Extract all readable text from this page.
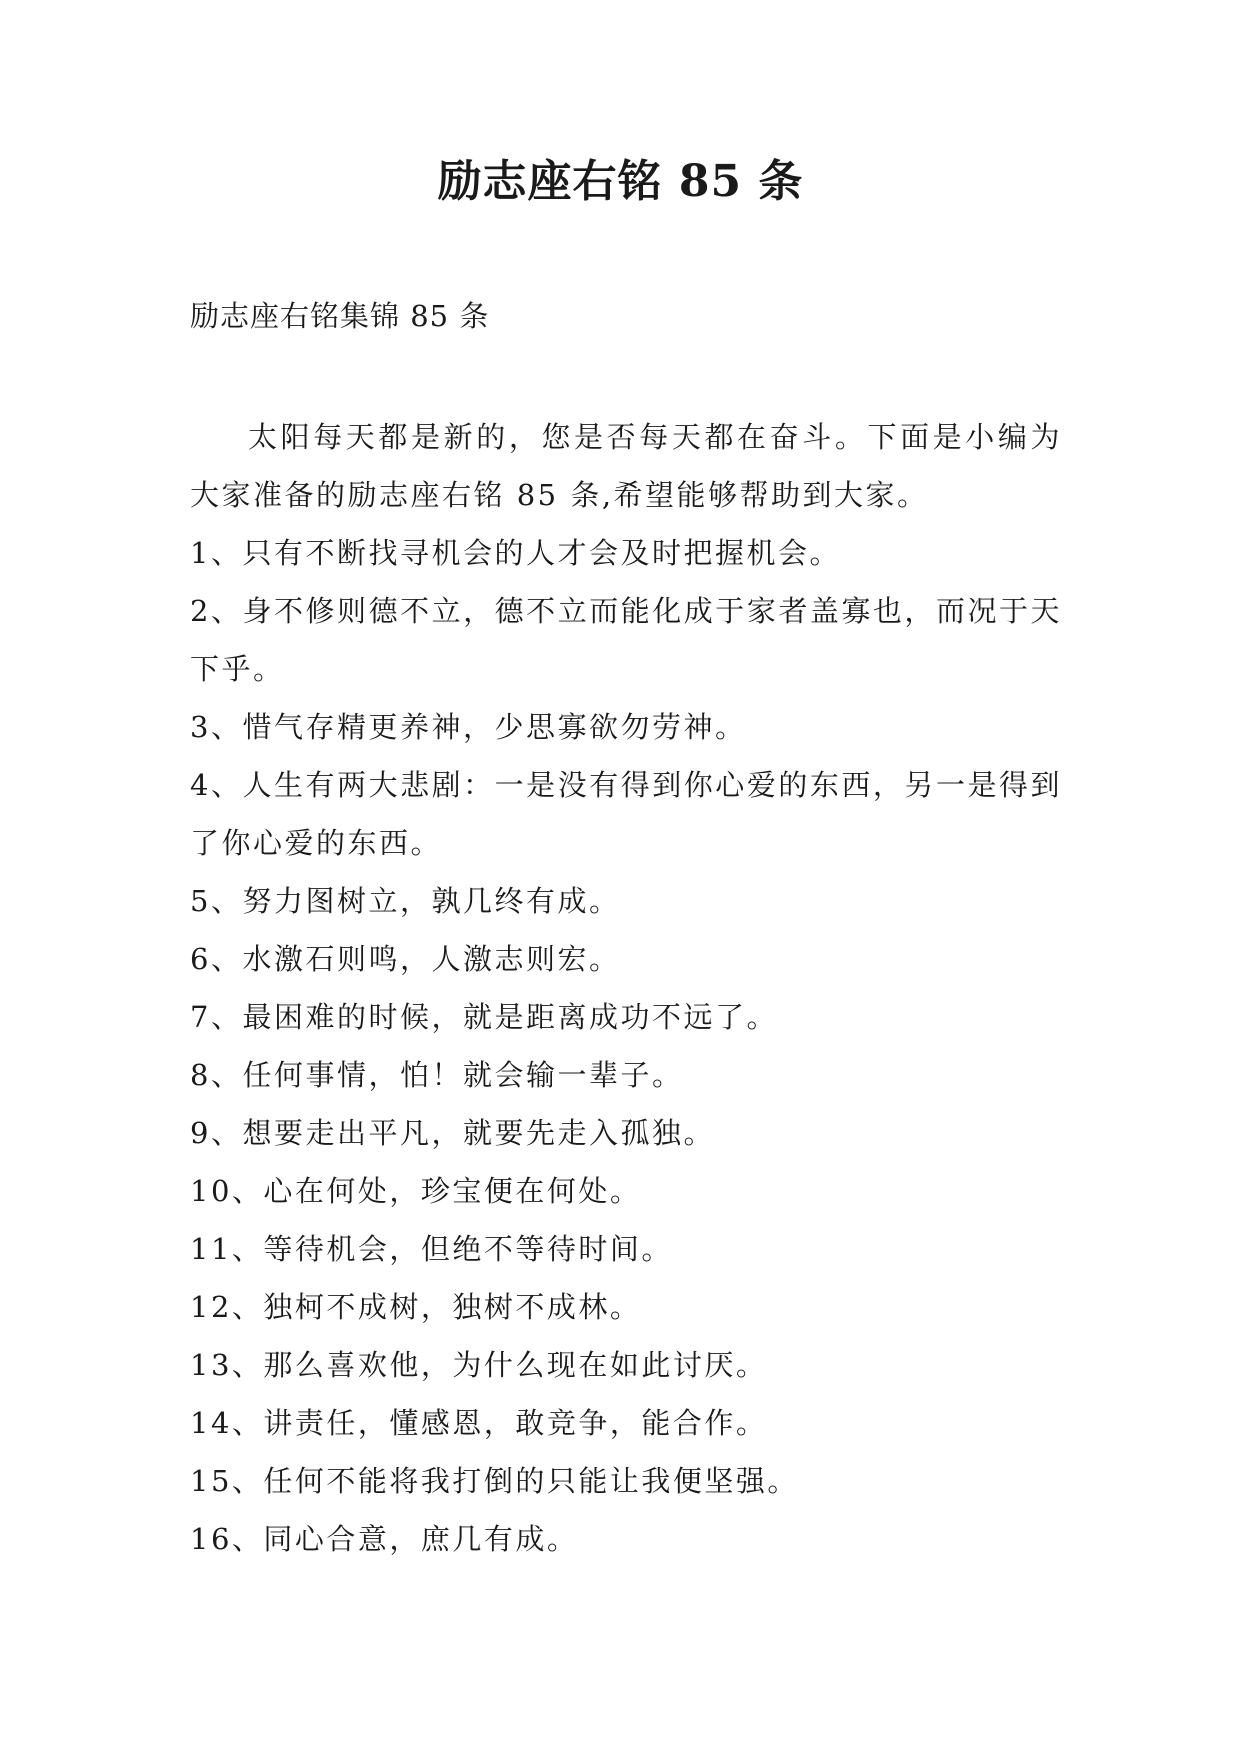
励志座右铭 85 条
励志座右铭集锦 85 条

太阳每天都是新的，您是否每天都在奋斗。下面是小编为大家准备的励志座右铭 85 条,希望能够帮助到大家。

1、只有不断找寻机会的人才会及时把握机会。

2、身不修则德不立，德不立而能化成于家者盖寡也，而况于天下乎。

3、惜气存精更养神，少思寡欲勿劳神。

4、人生有两大悲剧：一是没有得到你心爱的东西，另一是得到了你心爱的东西。

5、努力图树立，孰几终有成。

6、水激石则鸣，人激志则宏。

7、最困难的时候，就是距离成功不远了。

8、任何事情，怕！就会输一辈子。

9、想要走出平凡，就要先走入孤独。

10、心在何处，珍宝便在何处。

11、等待机会，但绝不等待时间。

12、独柯不成树，独树不成林。

13、那么喜欢他，为什么现在如此讨厌。

14、讲责任，懂感恩，敢竞争，能合作。

15、任何不能将我打倒的只能让我便坚强。

16、同心合意，庶几有成。
